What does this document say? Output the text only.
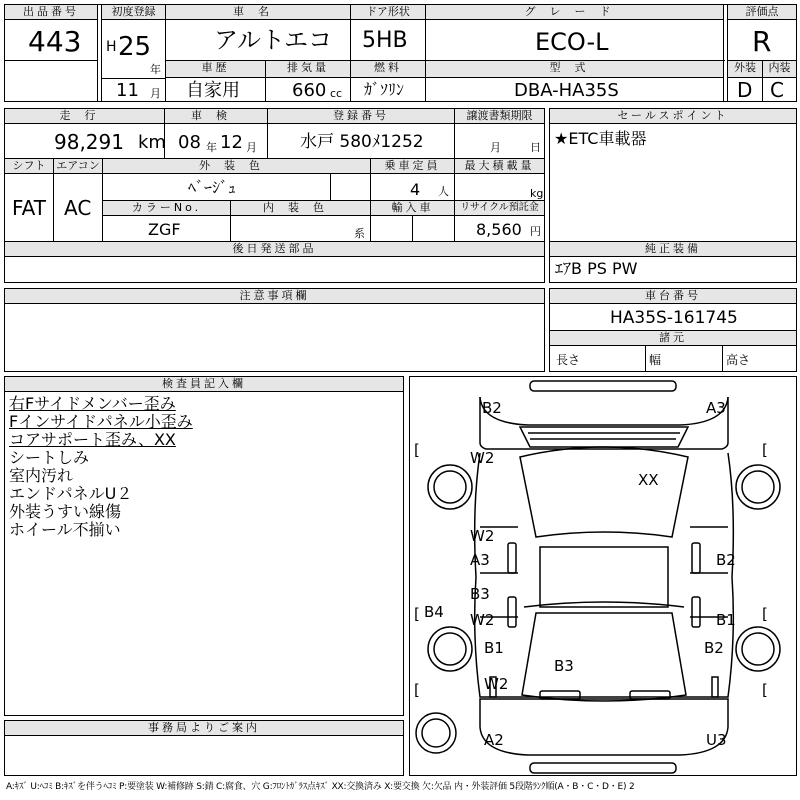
出品番号
443
初度登録
H 25
年
11 月
車名
アルトエコ
ドア形状
5HB
グレード
ECO-L
評価点
R
車歴
自家用
排気量
660 cc
燃料
ｶﾞｿﾘﾝ
型式
DBA-HA35S
外装	内装
D C
走行	車検	登録番号	譲渡書類期限
98,291 km 08 年 12 月	水戸 580ﾒ1252	月	日
シフト エアコン	外装色	乗車定員	最大積載量
FAT AC
ﾍﾞｰｼﾞｭ	4 人	kg
カラーNo.	内装色	輸入車	リサイクル預託金
ZGF	系	8,560 円
セールスポイント
★ETC車載器
後日発送部品	純正装備
ｴｱB PS PW
注意事項欄	車台番号
HA35S-161745
諸元
長さ	幅	高さ
検査員記入欄
右Fサイドメンバー歪み
Fインサイドパネル小歪み
コアサポート歪み、XX
シートしみ
室内汚れ
エンドパネルU２
外装うすい線傷
ホイール不揃い
事務局よりご案内
B2	A3
W2
XX
W2
A3	B2
B3
W2
B4	B1
B1	B2
B3
W2
A2	U3
[	[
[	[
[	[
A:ｷｽﾞ U:ﾍｺﾐ B:ｷｽﾞを伴うﾍｺﾐ P:要塗装 W:補修跡 S:錆 C:腐食、穴 G:ﾌﾛﾝﾄｶﾞﾗｽ点ｷｽﾞ XX:交換済み X:要交換 欠:欠品 内・外装評価 5段階ﾗﾝｸ順(A・B・C・D・E) 2
